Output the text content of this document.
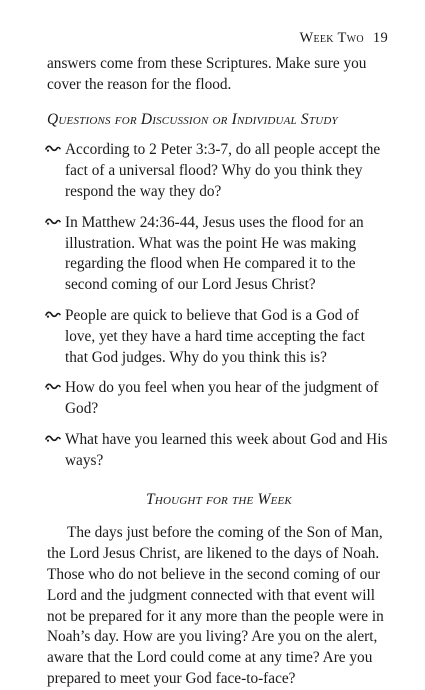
Week Two 19

answers come from these Scriptures. Make sure you cover the reason for the flood.

Questions for Discussion or Individual Study
According to 2 Peter 3:3-7, do all people accept the fact of a universal flood? Why do you think they respond the way they do?
In Matthew 24:36-44, Jesus uses the flood for an illustration. What was the point He was making regarding the flood when He compared it to the second coming of our Lord Jesus Christ?
People are quick to believe that God is a God of love, yet they have a hard time accepting the fact that God judges. Why do you think this is?
How do you feel when you hear of the judgment of God?
What have you learned this week about God and His ways?
Thought for the Week

The days just before the coming of the Son of Man, the Lord Jesus Christ, are likened to the days of Noah. Those who do not believe in the second coming of our Lord and the judgment connected with that event will not be prepared for it any more than the people were in Noah’s day. How are you living? Are you on the alert, aware that the Lord could come at any time? Are you prepared to meet your God face-to-face?
